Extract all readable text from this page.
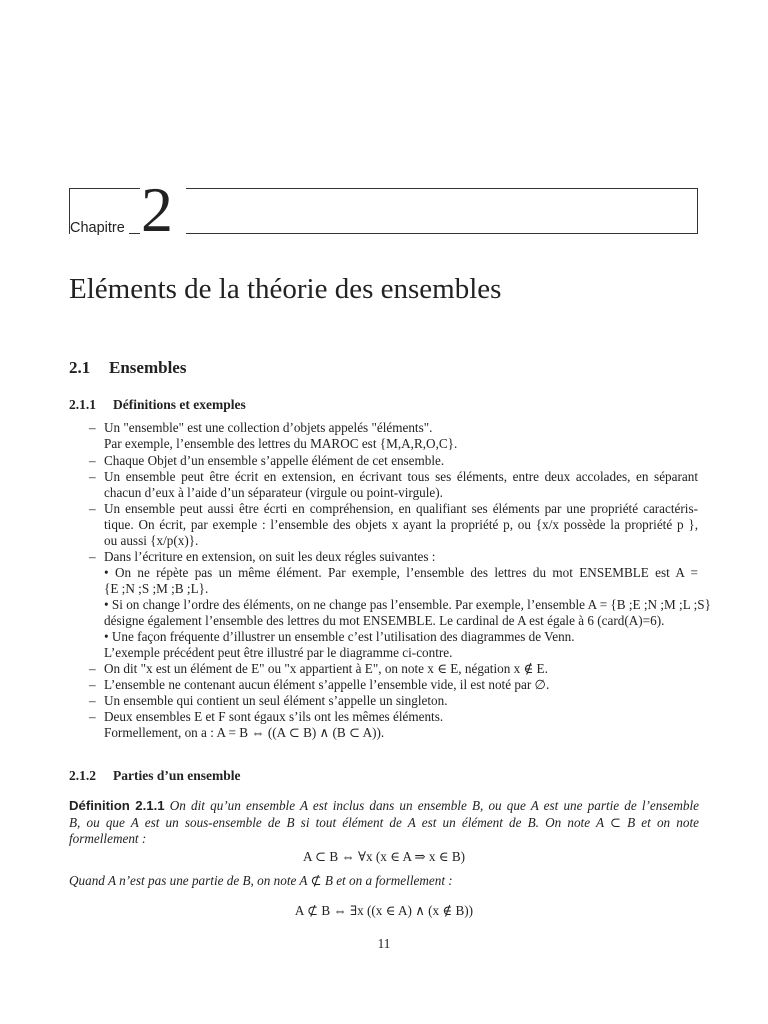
Chapitre 2
Eléments de la théorie des ensembles
2.1 Ensembles
2.1.1 Définitions et exemples
– Un "ensemble" est une collection d’objets appelés "éléments".
Par exemple, l’ensemble des lettres du MAROC est {M,A,R,O,C}.
– Chaque Objet d’un ensemble s’appelle élément de cet ensemble.
– Un ensemble peut être écrit en extension, en écrivant tous ses éléments, entre deux accolades, en séparant
chacun d’eux à l’aide d’un séparateur (virgule ou point-virgule).
– Un ensemble peut aussi être écrti en compréhension, en qualifiant ses éléments par une propriété caractéris-
tique. On écrit, par exemple : l’ensemble des objets x ayant la propriété p, ou {x/x possède la propriété p },
ou aussi {x/p(x)}.
– Dans l’écriture en extension, on suit les deux régles suivantes :
• On ne répète pas un même élément. Par exemple, l’ensemble des lettres du mot ENSEMBLE est A =
{E ;N ;S ;M ;B ;L}.
• Si on change l’ordre des éléments, on ne change pas l’ensemble. Par exemple, l’ensemble A = {B ;E ;N ;M ;L ;S}
désigne également l’ensemble des lettres du mot ENSEMBLE. Le cardinal de A est égale à 6 (card(A)=6).
• Une façon fréquente d’illustrer un ensemble c’est l’utilisation des diagrammes de Venn.
L’exemple précédent peut être illustré par le diagramme ci-contre.
– On dit "x est un élément de E" ou "x appartient à E", on note x ∈ E, négation x ∉ E.
– L’ensemble ne contenant aucun élément s’appelle l’ensemble vide, il est noté par ∅.
– Un ensemble qui contient un seul élément s’appelle un singleton.
– Deux ensembles E et F sont égaux s’ils ont les mêmes éléments.
Formellement, on a : A = B ⇔ ((A ⊂ B) ∧ (B ⊂ A)).
2.1.2 Parties d’un ensemble
Définition 2.1.1 On dit qu’un ensemble A est inclus dans un ensemble B, ou que A est une partie de l’ensemble
B, ou que A est un sous-ensemble de B si tout élément de A est un élément de B. On note A ⊂ B et on note
formellement :
A ⊂ B ⇔ ∀x (x ∈ A ⇒ x ∈ B)
Quand A n’est pas une partie de B, on note A ⊄ B et on a formellement :
A ⊄ B ⇔ ∃x ((x ∈ A) ∧ (x ∉ B))
11
